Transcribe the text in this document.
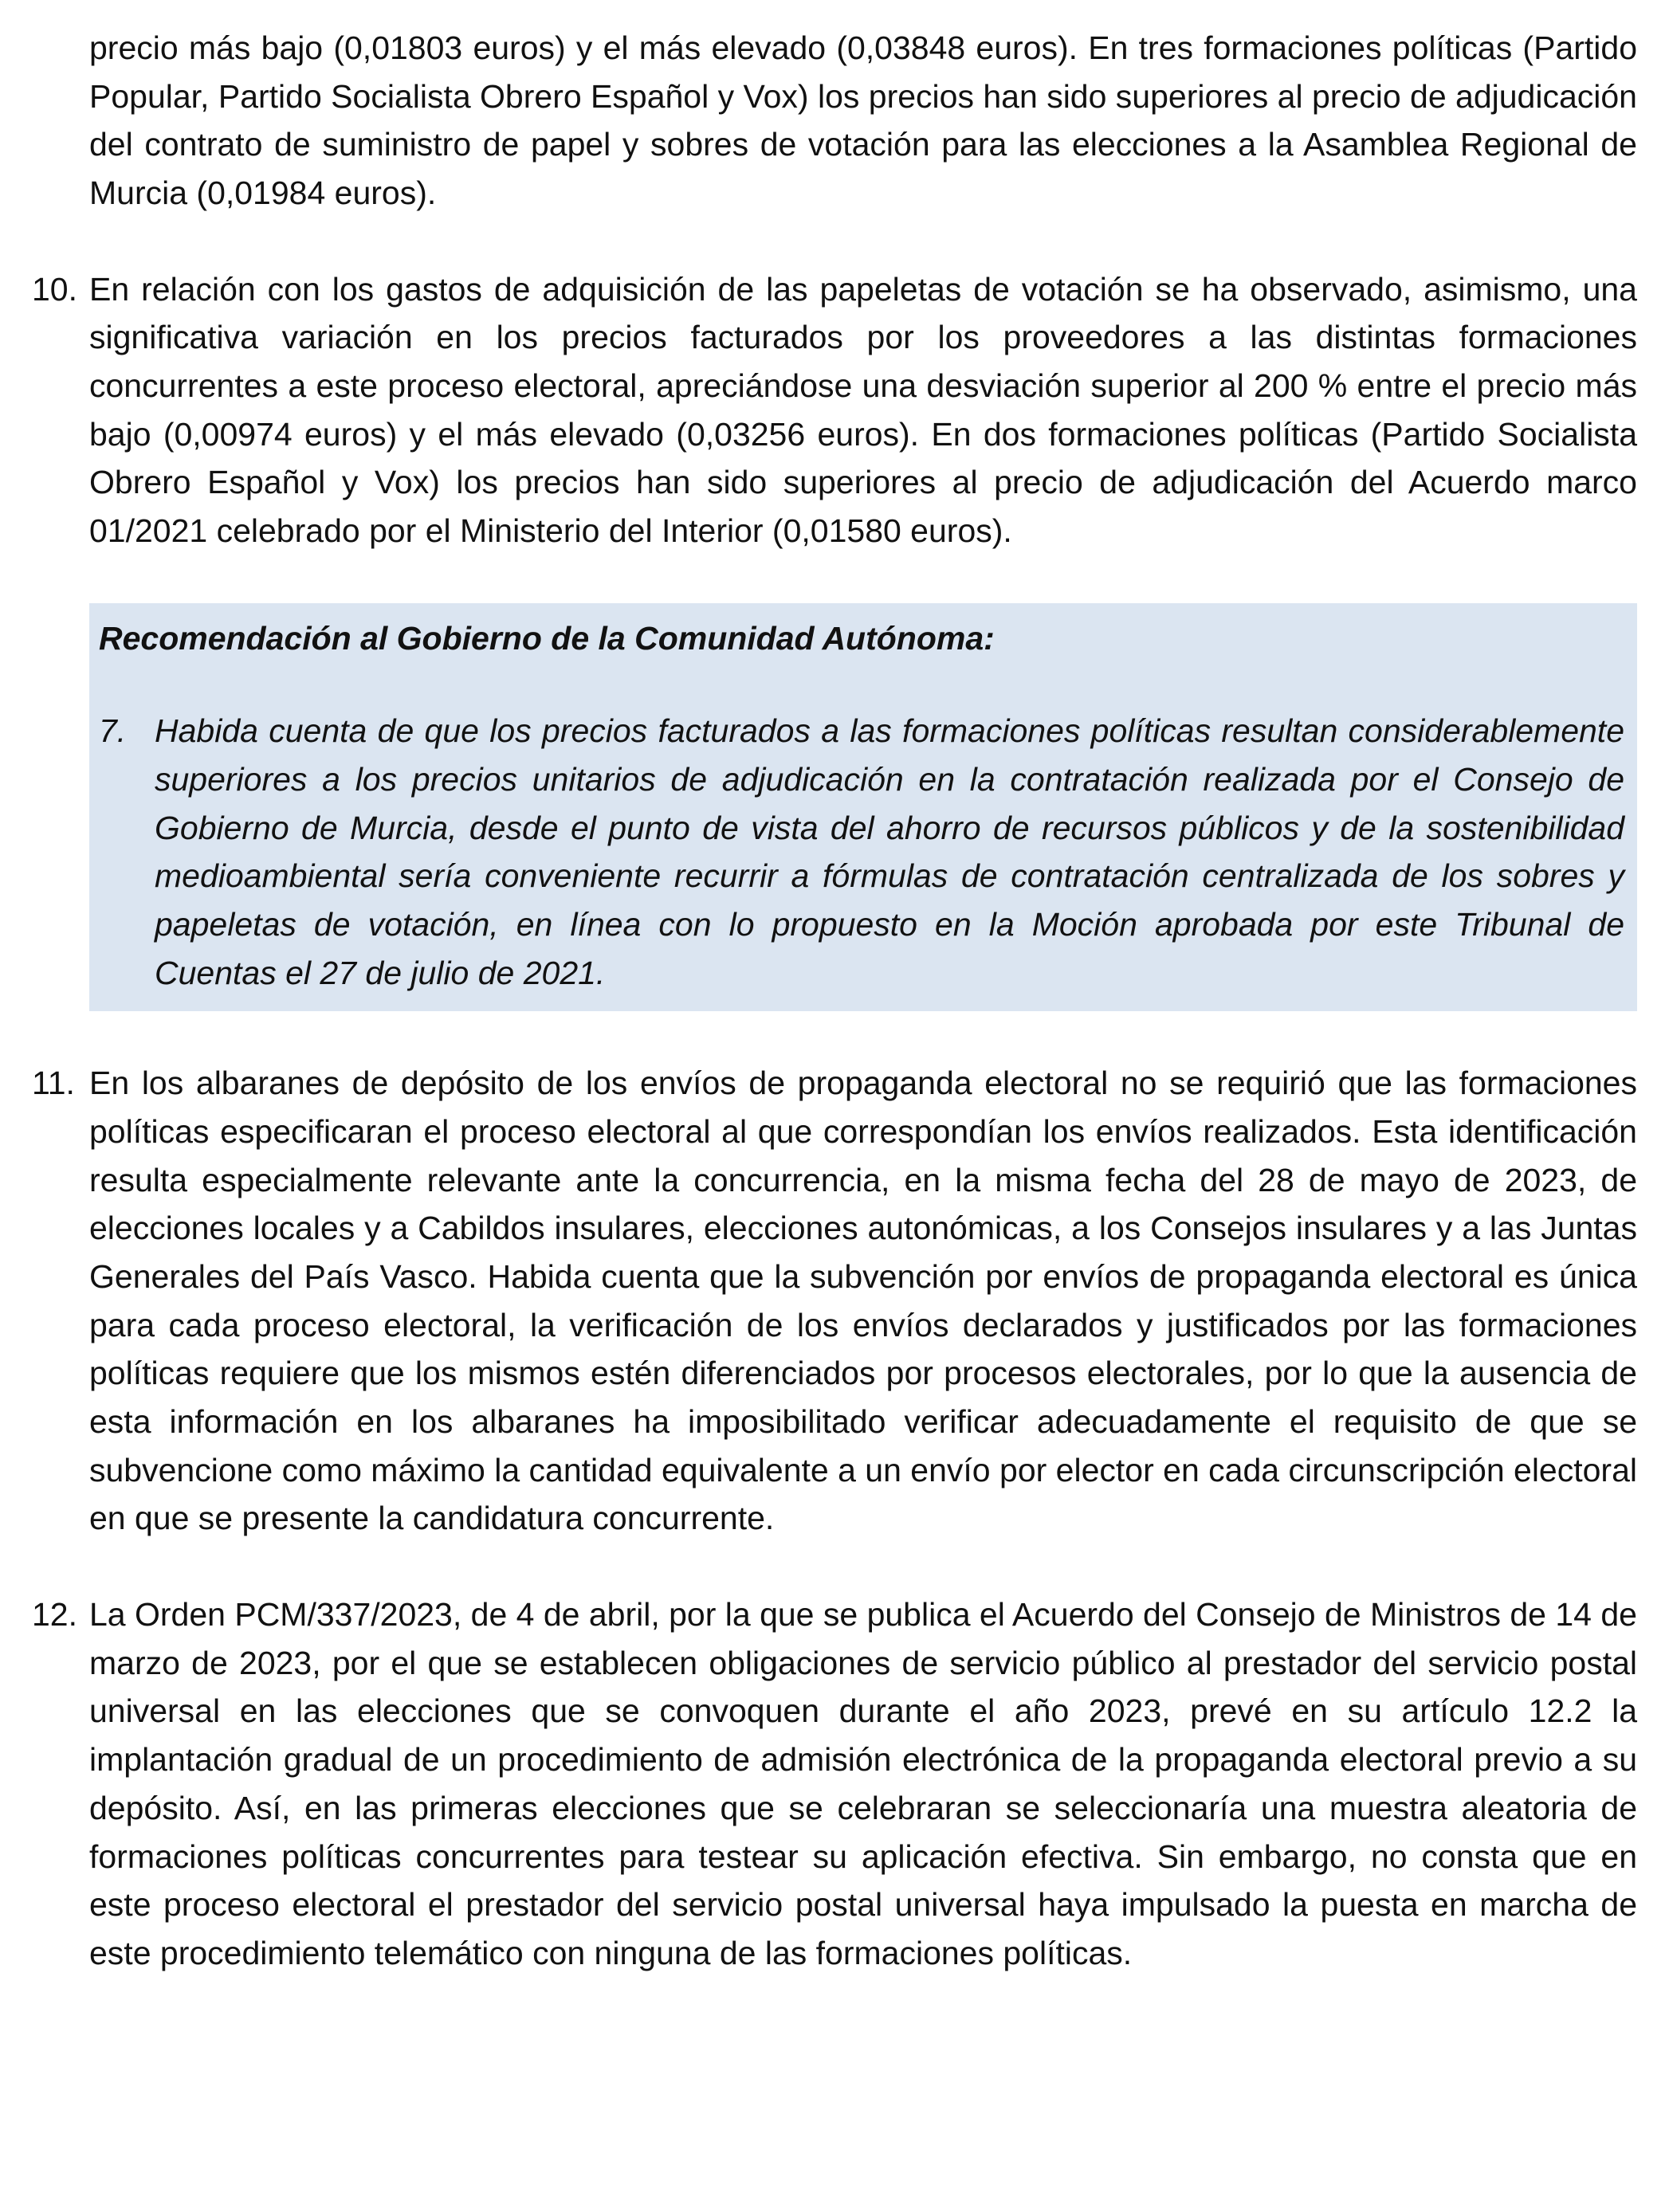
precio más bajo (0,01803 euros) y el más elevado (0,03848 euros). En tres formaciones políticas (Partido Popular, Partido Socialista Obrero Español y Vox) los precios han sido superiores al precio de adjudicación del contrato de suministro de papel y sobres de votación para las elecciones a la Asamblea Regional de Murcia (0,01984 euros).

10. En relación con los gastos de adquisición de las papeletas de votación se ha observado, asimismo, una significativa variación en los precios facturados por los proveedores a las distintas formaciones concurrentes a este proceso electoral, apreciándose una desviación superior al 200 % entre el precio más bajo (0,00974 euros) y el más elevado (0,03256 euros). En dos formaciones políticas (Partido Socialista Obrero Español y Vox) los precios han sido superiores al precio de adjudicación del Acuerdo marco 01/2021 celebrado por el Ministerio del Interior (0,01580 euros).

Recomendación al Gobierno de la Comunidad Autónoma:

7. Habida cuenta de que los precios facturados a las formaciones políticas resultan considerablemente superiores a los precios unitarios de adjudicación en la contratación realizada por el Consejo de Gobierno de Murcia, desde el punto de vista del ahorro de recursos públicos y de la sostenibilidad medioambiental sería conveniente recurrir a fórmulas de contratación centralizada de los sobres y papeletas de votación, en línea con lo propuesto en la Moción aprobada por este Tribunal de Cuentas el 27 de julio de 2021.

11. En los albaranes de depósito de los envíos de propaganda electoral no se requirió que las formaciones políticas especificaran el proceso electoral al que correspondían los envíos realizados. Esta identificación resulta especialmente relevante ante la concurrencia, en la misma fecha del 28 de mayo de 2023, de elecciones locales y a Cabildos insulares, elecciones autonómicas, a los Consejos insulares y a las Juntas Generales del País Vasco. Habida cuenta que la subvención por envíos de propaganda electoral es única para cada proceso electoral, la verificación de los envíos declarados y justificados por las formaciones políticas requiere que los mismos estén diferenciados por procesos electorales, por lo que la ausencia de esta información en los albaranes ha imposibilitado verificar adecuadamente el requisito de que se subvencione como máximo la cantidad equivalente a un envío por elector en cada circunscripción electoral en que se presente la candidatura concurrente.

12. La Orden PCM/337/2023, de 4 de abril, por la que se publica el Acuerdo del Consejo de Ministros de 14 de marzo de 2023, por el que se establecen obligaciones de servicio público al prestador del servicio postal universal en las elecciones que se convoquen durante el año 2023, prevé en su artículo 12.2 la implantación gradual de un procedimiento de admisión electrónica de la propaganda electoral previo a su depósito. Así, en las primeras elecciones que se celebraran se seleccionaría una muestra aleatoria de formaciones políticas concurrentes para testear su aplicación efectiva. Sin embargo, no consta que en este proceso electoral el prestador del servicio postal universal haya impulsado la puesta en marcha de este procedimiento telemático con ninguna de las formaciones políticas.
